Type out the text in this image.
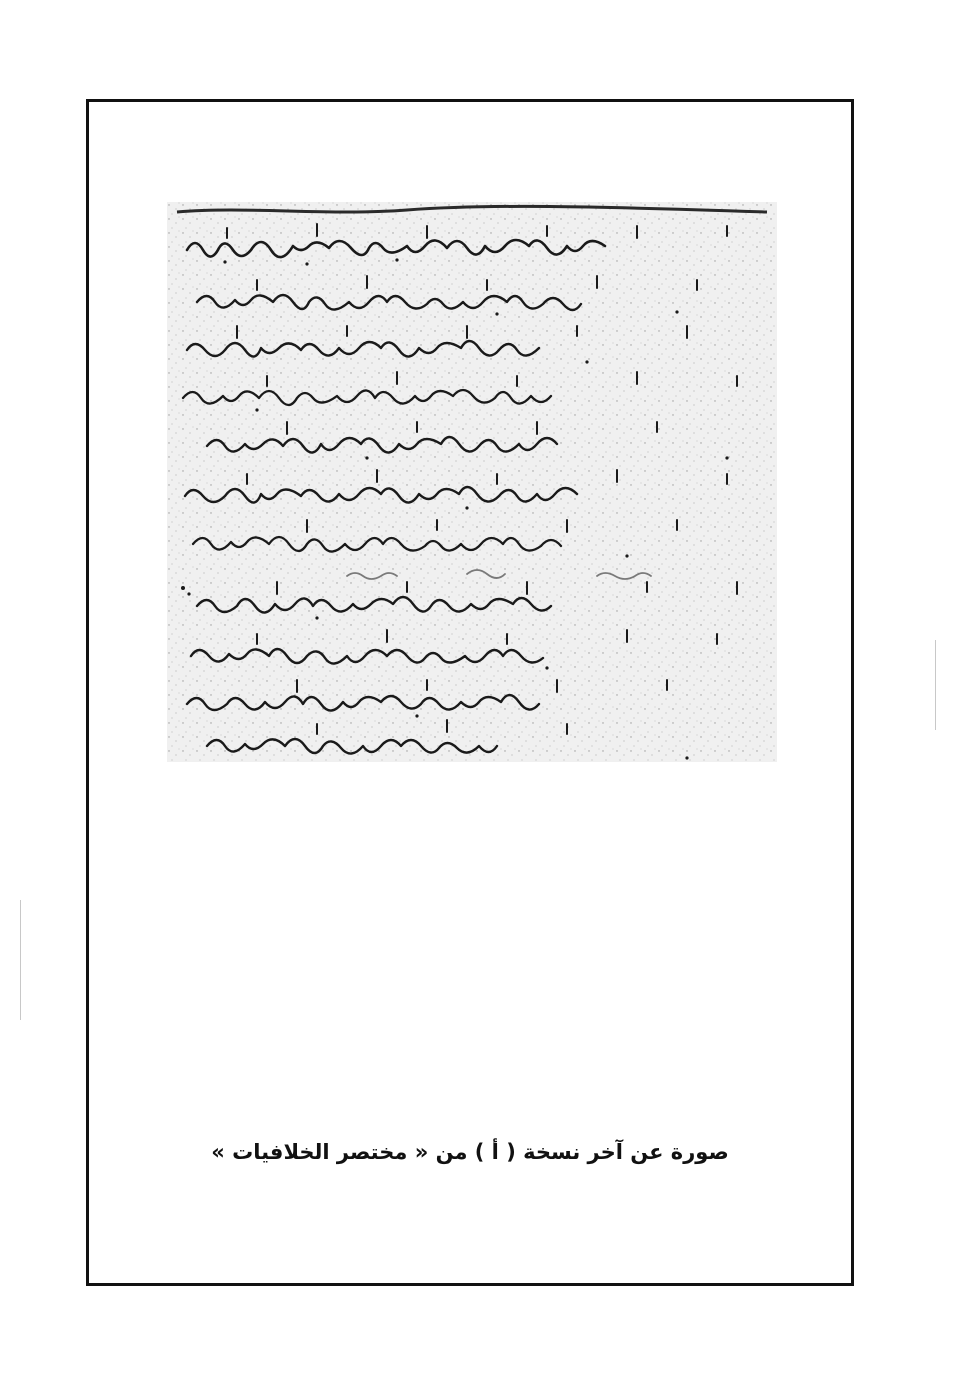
صورة عن آخر نسخة ( أ ) من « مختصر الخلافيات »
